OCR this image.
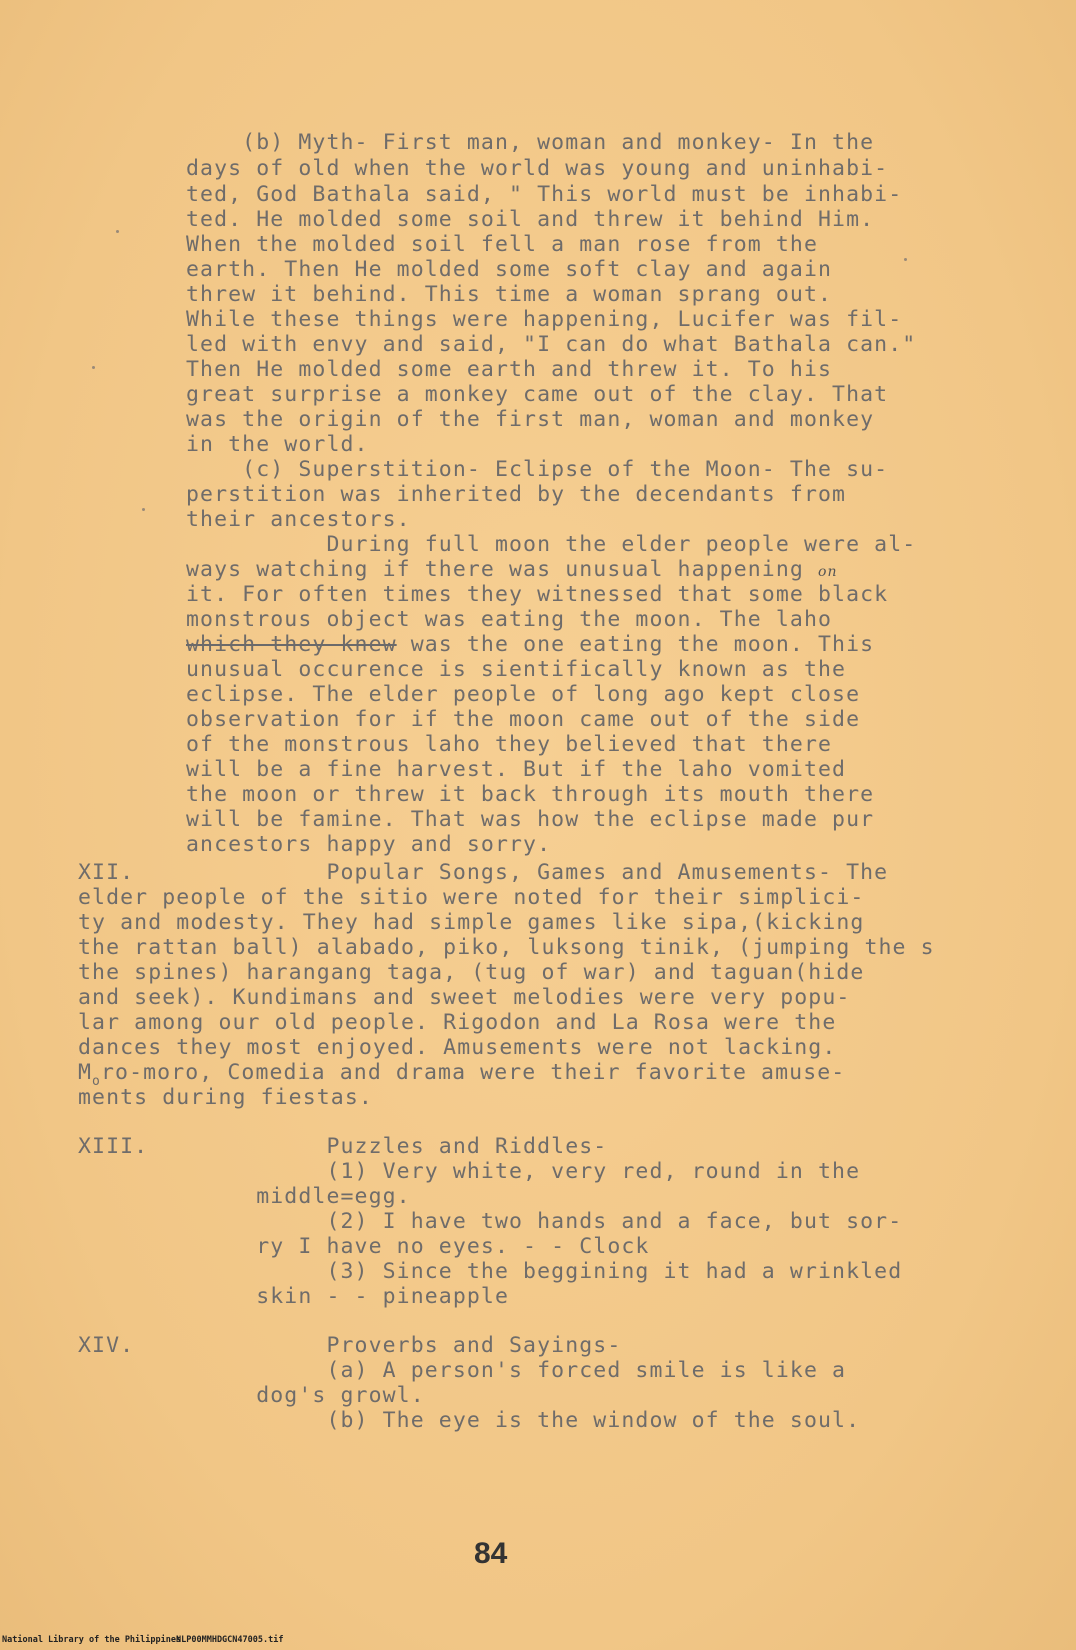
(b) Myth- First man, woman and monkey- In the
days of old when the world was young and uninhabi-
ted, God Bathala said, " This world must be inhabi-
ted. He molded some soil and threw it behind Him.
When the molded soil fell a man rose from the
earth. Then He molded some soft clay and again
threw it behind. This time a woman sprang out.
While these things were happening, Lucifer was fil-
led with envy and said, "I can do what Bathala can."
Then He molded some earth and threw it. To his
great surprise a monkey came out of the clay. That
was the origin of the first man, woman and monkey
in the world.
(c) Superstition- Eclipse of the Moon- The su-
perstition was inherited by the decendants from
their ancestors.
During full moon the elder people were al-
ways watching if there was unusual happening on
it. For often times they witnessed that some black
monstrous object was eating the moon. The laho
which they knew was the one eating the moon. This
unusual occurence is sientifically known as the
eclipse. The elder people of long ago kept close
observation for if the moon came out of the side
of the monstrous laho they believed that there
will be a fine harvest. But if the laho vomited
the moon or threw it back through its mouth there
will be famine. That was how the eclipse made pur
ancestors happy and sorry.
XII. Popular Songs, Games and Amusements- The
elder people of the sitio were noted for their simplici-
ty and modesty. They had simple games like sipa,(kicking
the rattan ball) alabado, piko, luksong tinik, (jumping the s
the spines) harangang taga, (tug of war) and taguan(hide
and seek). Kundimans and sweet melodies were very popu-
lar among our old people. Rigodon and La Rosa were the
dances they most enjoyed. Amusements were not lacking.
$M_oro$-moro, Comedia and drama were their favorite amuse-
ments during fiestas.
XIII. Puzzles and Riddles-
(1) Very white, very red, round in the
middle=egg.
(2) I have two hands and a face, but sor-
ry I have no eyes. - - Clock
(3) Since the beggining it had a wrinkled
skin - - pineapple
XIV. Proverbs and Sayings-
(a) A person's forced smile is like a
dog's growl.
(b) The eye is the window of the soul.
84
National Library of the Philippines
NLP00MMHDGCN47005.tif
